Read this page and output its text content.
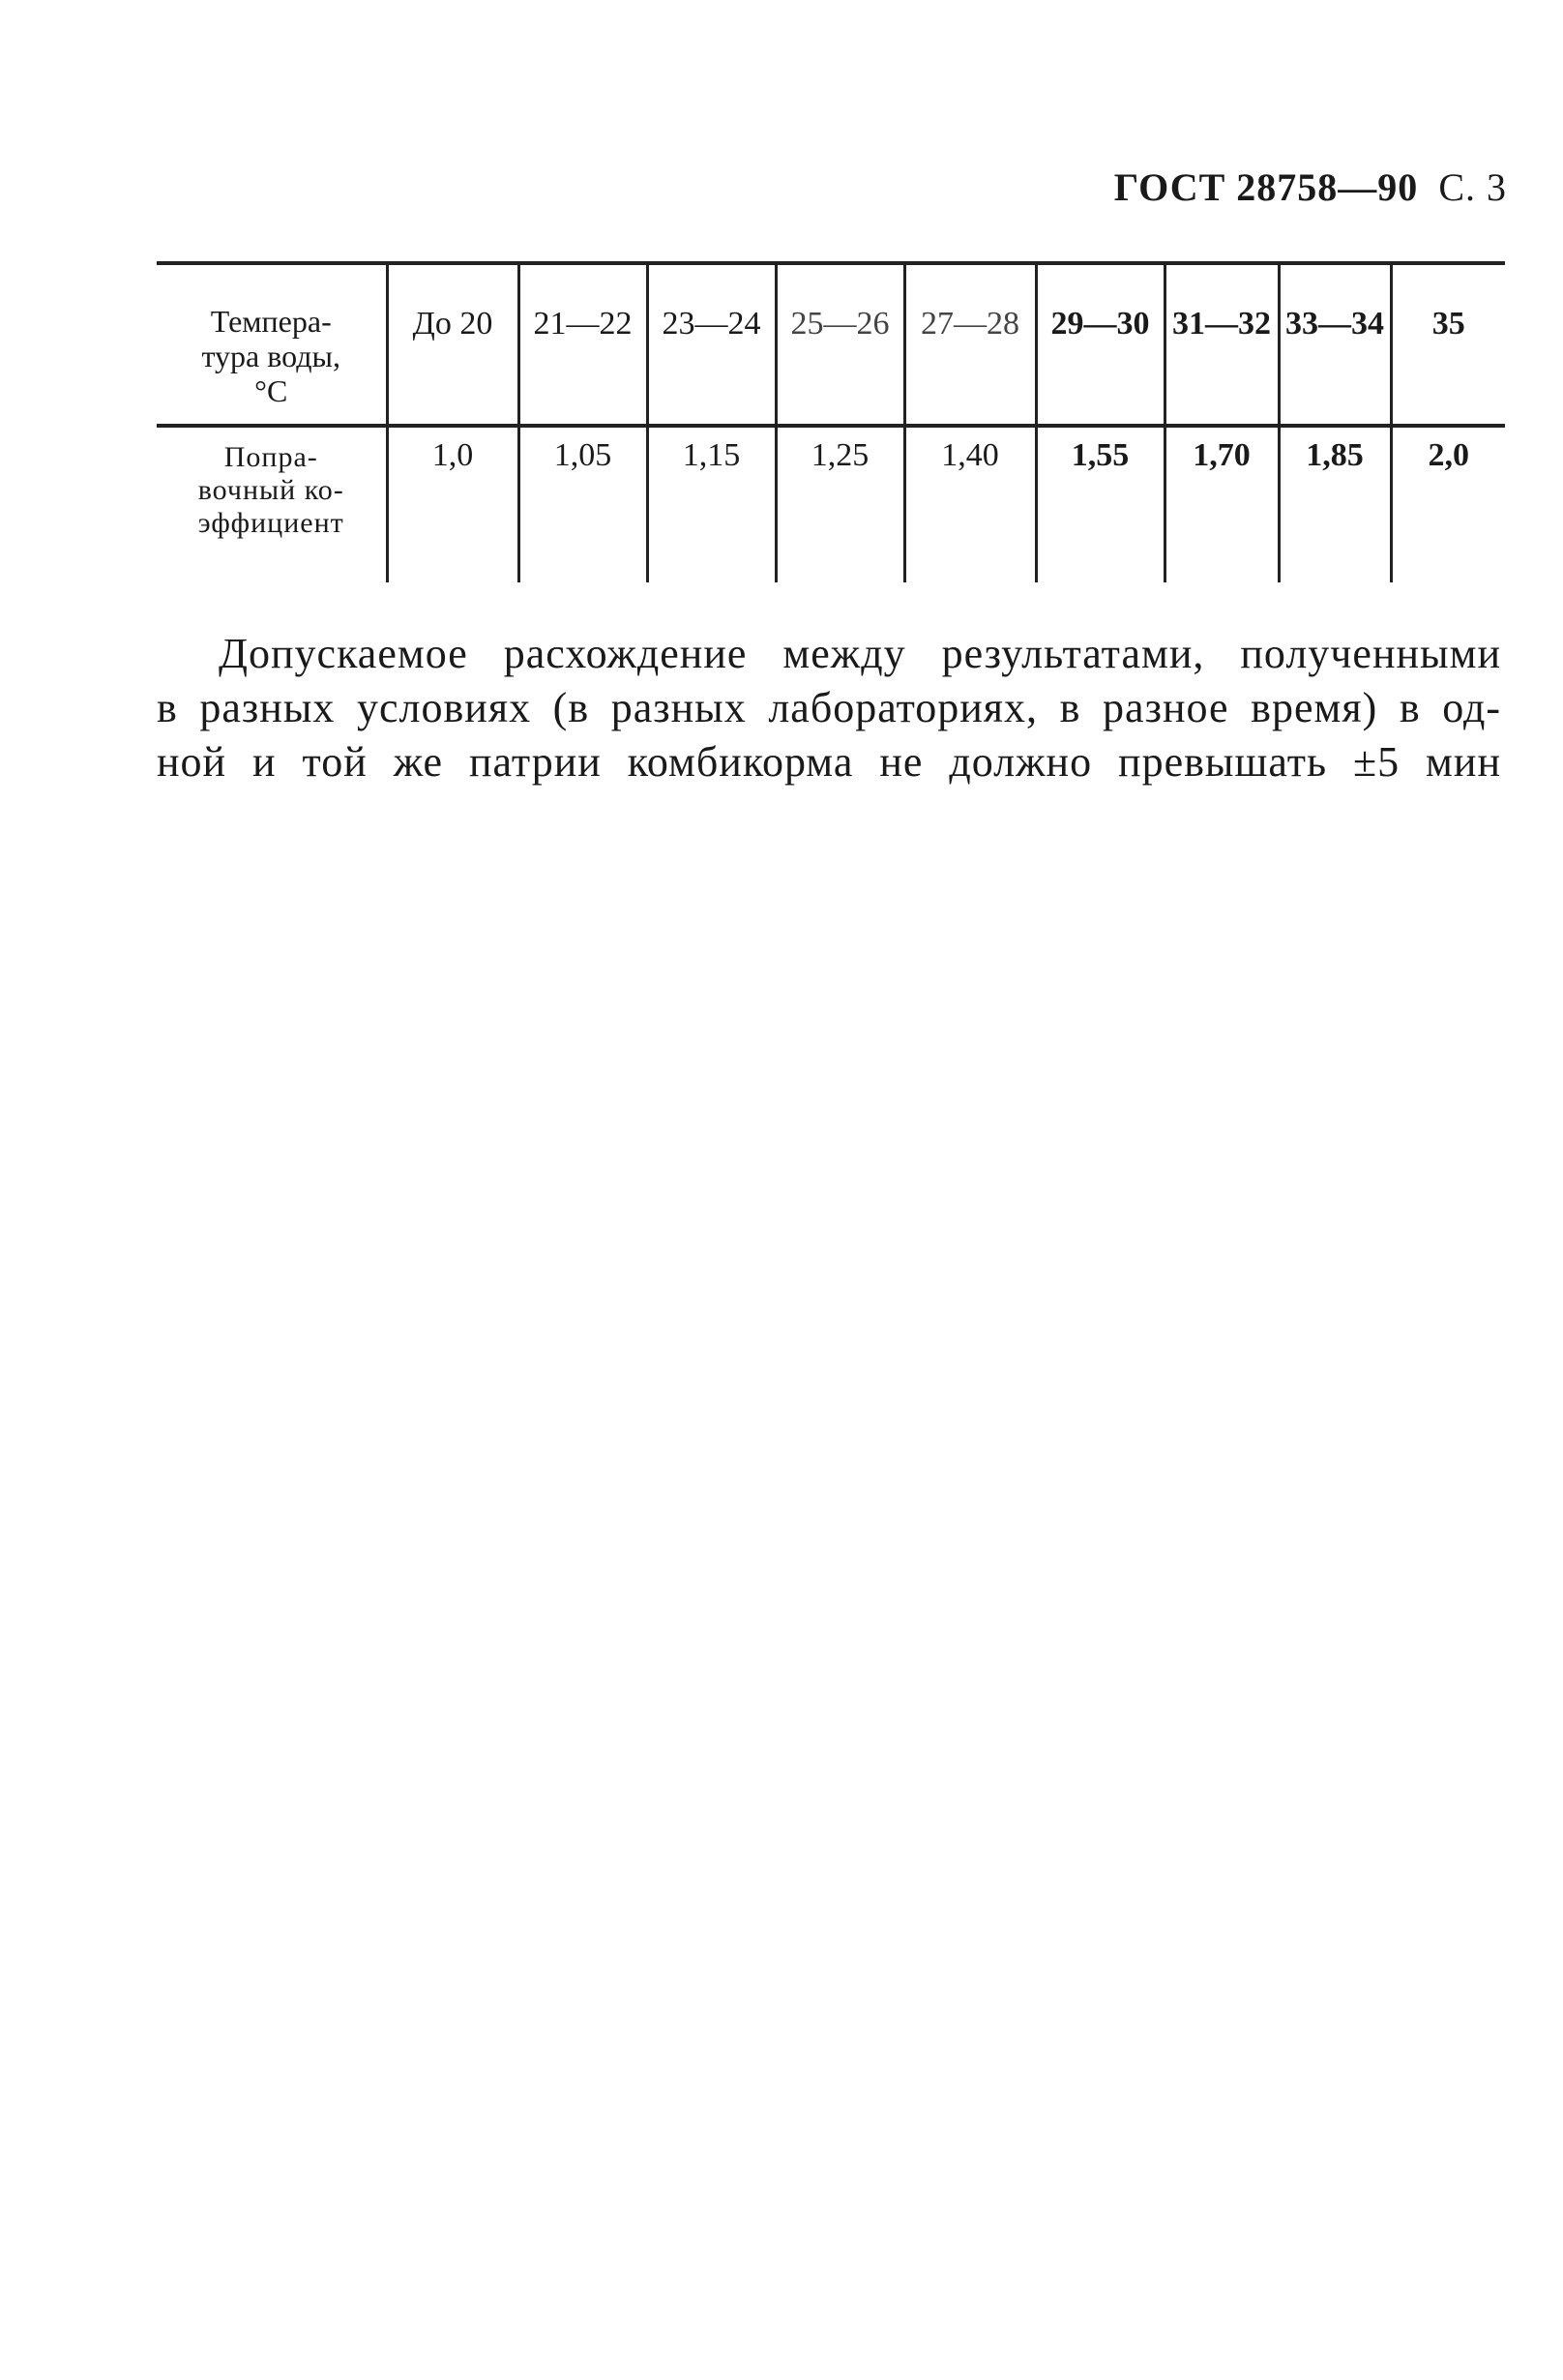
ГОСТ 28758—90 С. 3
Темпера-
тура воды,
°С	До 20	21—22	23—24	25—26	27—28	29—30	31—32	33—34	35

Попра-
вочный ко-
эффициент	1,0	1,05	1,15	1,25	1,40	1,55	1,70	1,85	2,0
Допускаемое расхождение между результатами, полученными
в разных условиях (в разных лабораториях, в разное время) в од-
ной и той же патрии комбикорма не должно превышать ±5 мин
